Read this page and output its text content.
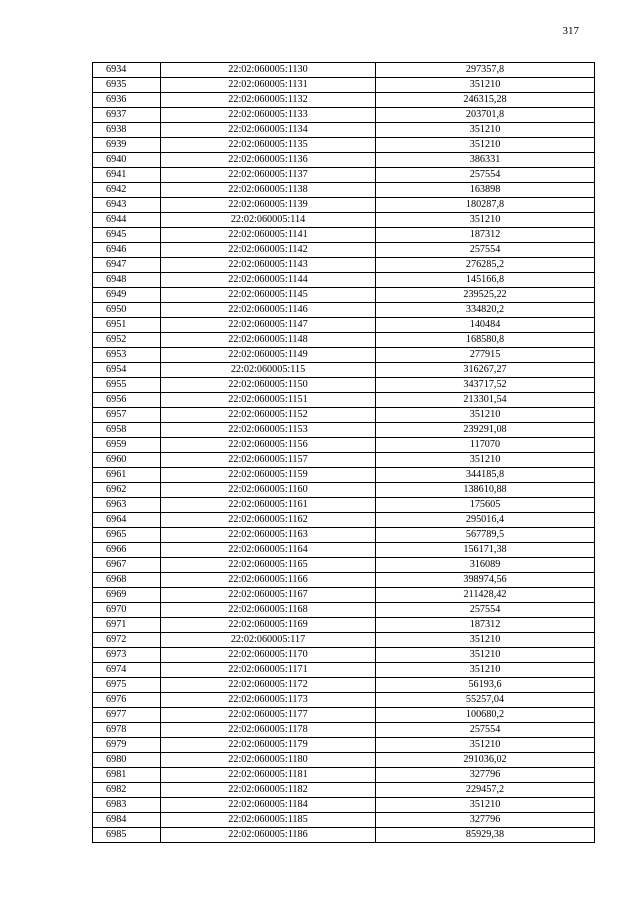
317
6934	22:02:060005:1130	297357,8
6935	22:02:060005:1131	351210
6936	22:02:060005:1132	246315,28
6937	22:02:060005:1133	203701,8
6938	22:02:060005:1134	351210
6939	22:02:060005:1135	351210
6940	22:02:060005:1136	386331
6941	22:02:060005:1137	257554
6942	22:02:060005:1138	163898
6943	22:02:060005:1139	180287,8
6944	22:02:060005:114	351210
6945	22:02:060005:1141	187312
6946	22:02:060005:1142	257554
6947	22:02:060005:1143	276285,2
6948	22:02:060005:1144	145166,8
6949	22:02:060005:1145	239525,22
6950	22:02:060005:1146	334820,2
6951	22:02:060005:1147	140484
6952	22:02:060005:1148	168580,8
6953	22:02:060005:1149	277915
6954	22:02:060005:115	316267,27
6955	22:02:060005:1150	343717,52
6956	22:02:060005:1151	213301,54
6957	22:02:060005:1152	351210
6958	22:02:060005:1153	239291,08
6959	22:02:060005:1156	117070
6960	22:02:060005:1157	351210
6961	22:02:060005:1159	344185,8
6962	22:02:060005:1160	138610,88
6963	22:02:060005:1161	175605
6964	22:02:060005:1162	295016,4
6965	22:02:060005:1163	567789,5
6966	22:02:060005:1164	156171,38
6967	22:02:060005:1165	316089
6968	22:02:060005:1166	398974,56
6969	22:02:060005:1167	211428,42
6970	22:02:060005:1168	257554
6971	22:02:060005:1169	187312
6972	22:02:060005:117	351210
6973	22:02:060005:1170	351210
6974	22:02:060005:1171	351210
6975	22:02:060005:1172	56193,6
6976	22:02:060005:1173	55257,04
6977	22:02:060005:1177	100680,2
6978	22:02:060005:1178	257554
6979	22:02:060005:1179	351210
6980	22:02:060005:1180	291036,02
6981	22:02:060005:1181	327796
6982	22:02:060005:1182	229457,2
6983	22:02:060005:1184	351210
6984	22:02:060005:1185	327796
6985	22:02:060005:1186	85929,38
